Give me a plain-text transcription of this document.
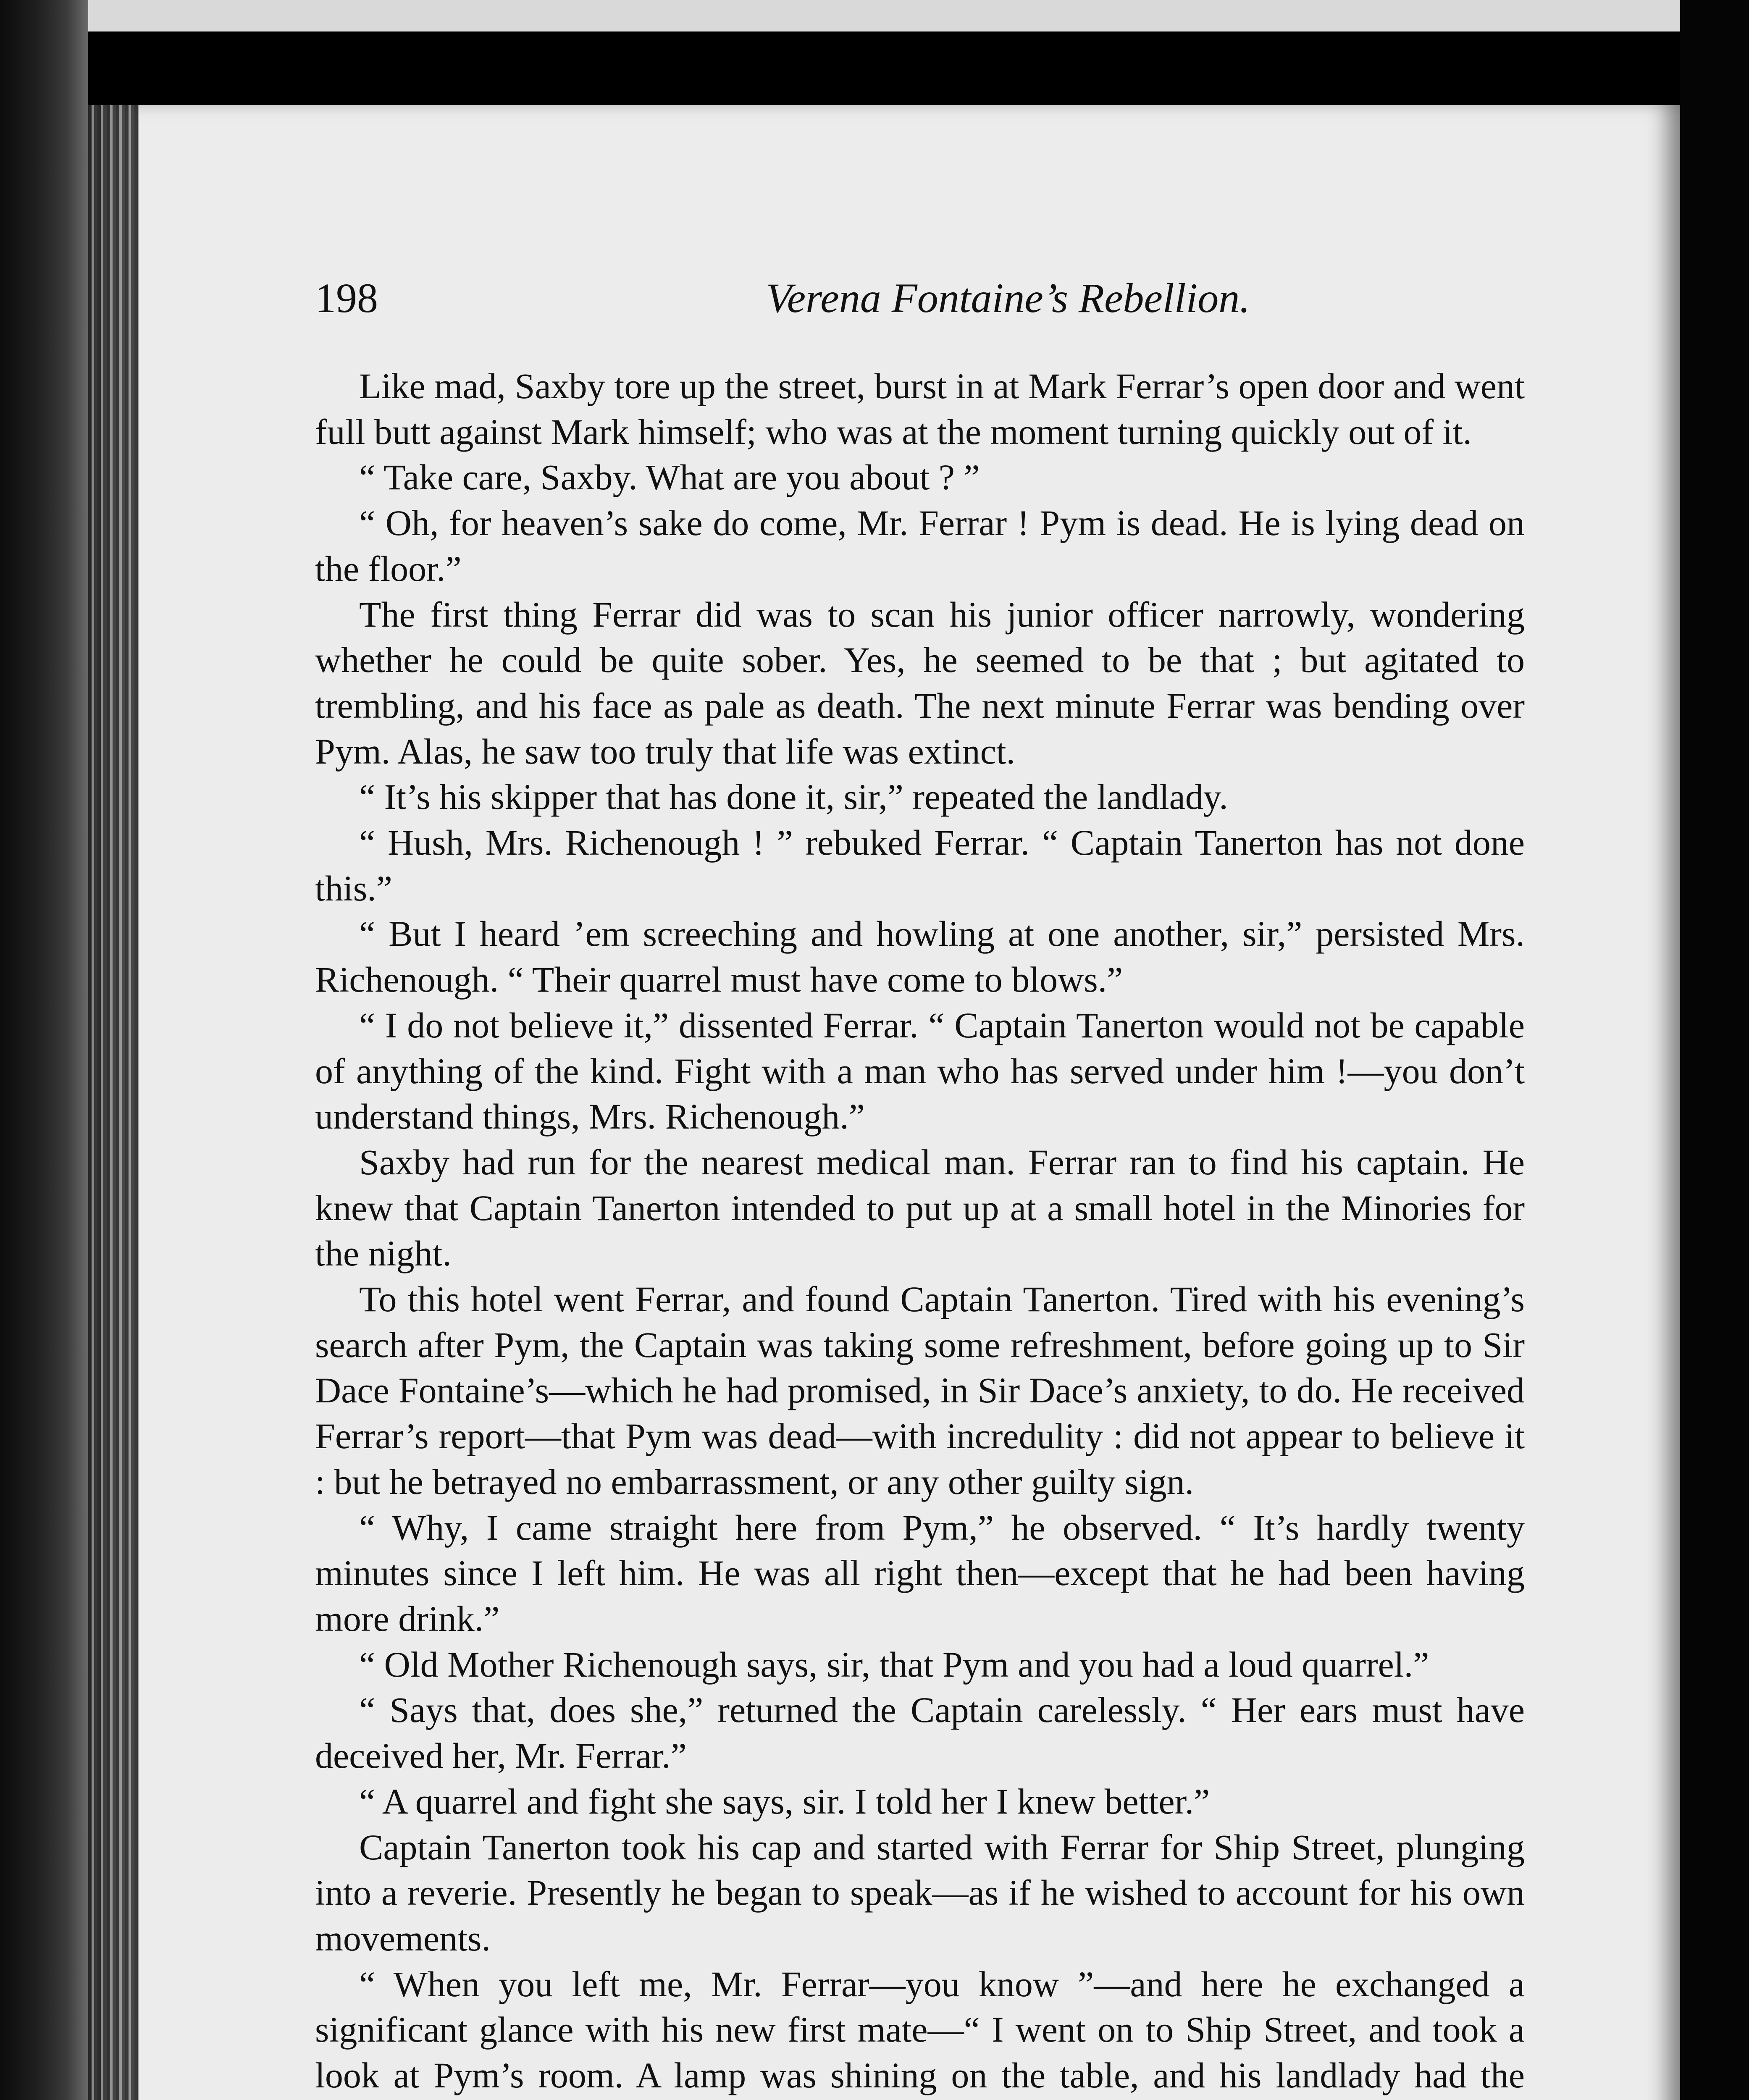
198	Verena Fontaine’s Rebellion.

Like mad, Saxby tore up the street, burst in at Mark Ferrar’s open door and went full butt against Mark himself; who was at the moment turning quickly out of it.

“ Take care, Saxby. What are you about ? ”

“ Oh, for heaven’s sake do come, Mr. Ferrar ! Pym is dead. He is lying dead on the floor.”

The first thing Ferrar did was to scan his junior officer narrowly, wondering whether he could be quite sober. Yes, he seemed to be that ; but agitated to trembling, and his face as pale as death. The next minute Ferrar was bending over Pym. Alas, he saw too truly that life was extinct.

“ It’s his skipper that has done it, sir,” repeated the landlady.

“ Hush, Mrs. Richenough ! ” rebuked Ferrar. “ Captain Tanerton has not done this.”

“ But I heard ’em screeching and howling at one another, sir,” persisted Mrs. Richenough. “ Their quarrel must have come to blows.”

“ I do not believe it,” dissented Ferrar. “ Captain Tanerton would not be capable of anything of the kind. Fight with a man who has served under him !—you don’t understand things, Mrs. Richenough.”

Saxby had run for the nearest medical man. Ferrar ran to find his captain. He knew that Captain Tanerton intended to put up at a small hotel in the Minories for the night.

To this hotel went Ferrar, and found Captain Tanerton. Tired with his evening’s search after Pym, the Captain was taking some refreshment, before going up to Sir Dace Fontaine’s—which he had promised, in Sir Dace’s anxiety, to do. He received Ferrar’s report—that Pym was dead—with incredulity : did not appear to believe it : but he betrayed no embarrassment, or any other guilty sign.

“ Why, I came straight here from Pym,” he observed. “ It’s hardly twenty minutes since I left him. He was all right then—except that he had been having more drink.”

“ Old Mother Richenough says, sir, that Pym and you had a loud quarrel.”

“ Says that, does she,” returned the Captain carelessly. “ Her ears must have deceived her, Mr. Ferrar.”

“ A quarrel and fight she says, sir. I told her I knew better.”

Captain Tanerton took his cap and started with Ferrar for Ship Street, plunging into a reverie. Presently he began to speak—as if he wished to account for his own movements.

“ When you left me, Mr. Ferrar—you know ”—and here he exchanged a significant glance with his new first mate—“ I went on to Ship Street, and took a look at Pym’s room. A lamp was shining on the table, and his landlady had the
